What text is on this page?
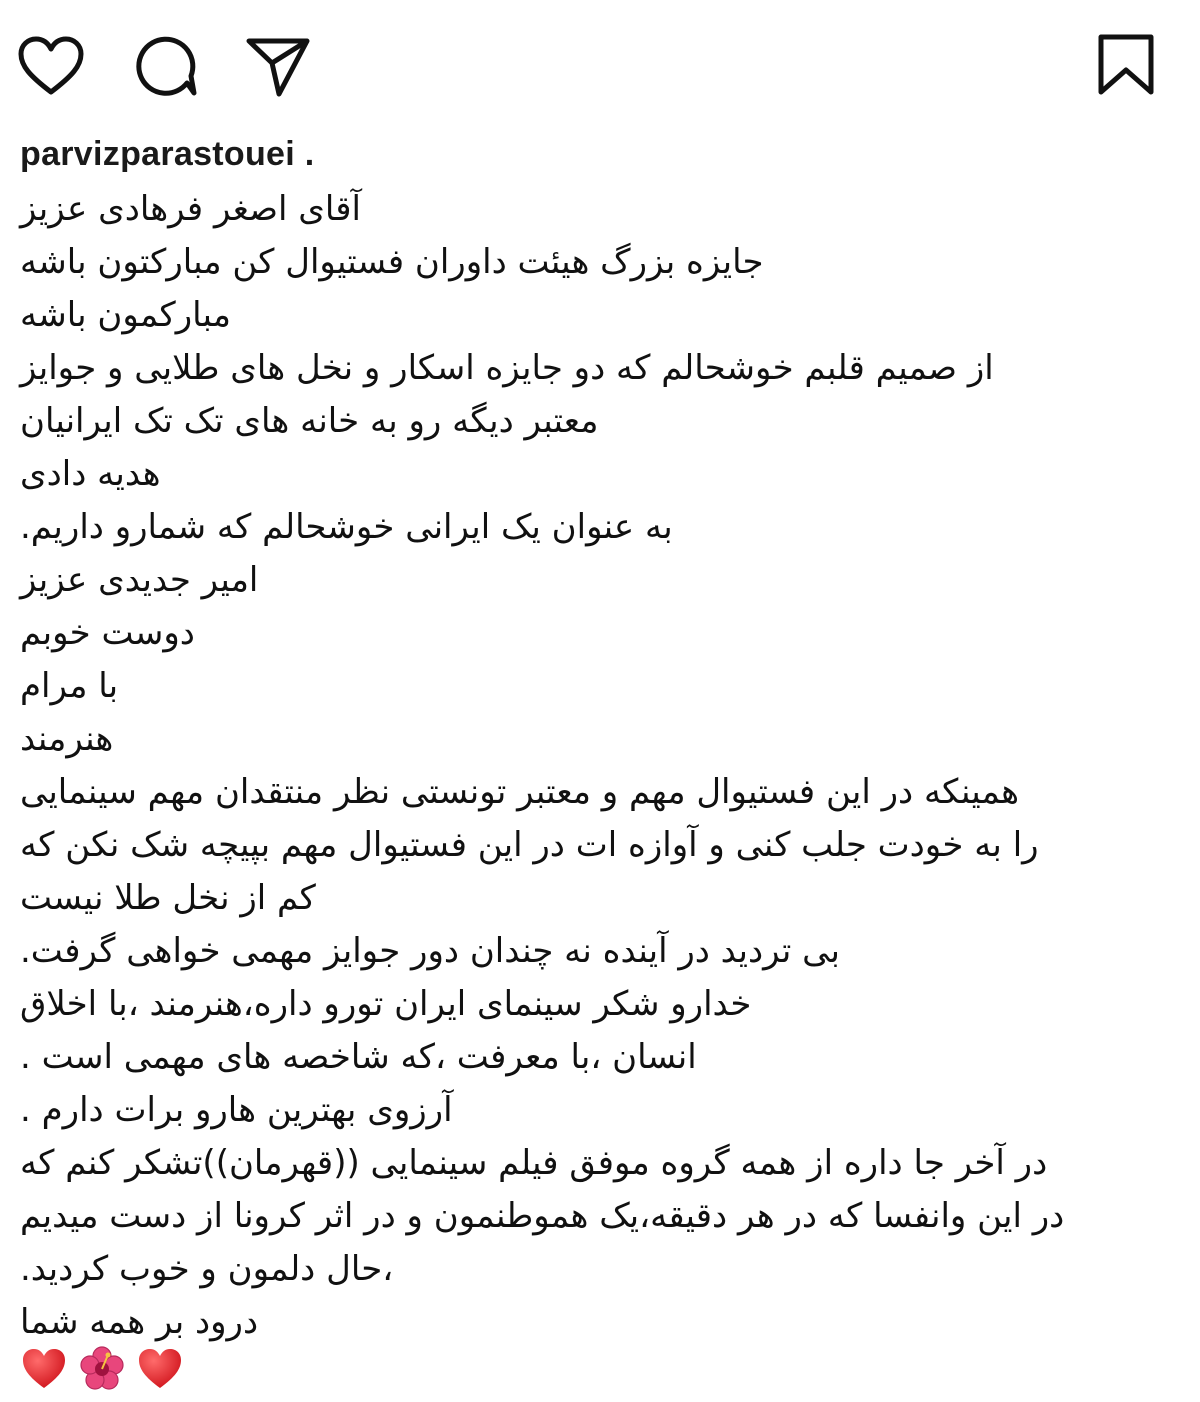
parvizparastouei .
آقای اصغر فرهادی عزیز
جایزه بزرگ هیئت داوران فستیوال کن مبارکتون باشه
مبارکمون باشه
از صمیم قلبم خوشحالم که دو جایزه اسکار و نخل های طلایی و جوایز
معتبر دیگه رو به خانه های تک تک ایرانیان
هدیه دادی
به عنوان یک ایرانی خوشحالم که شمارو داریم.
امیر جدیدی عزیز
دوست خوبم
با مرام
هنرمند
همینکه در این فستیوال مهم و معتبر تونستی نظر منتقدان مهم سینمایی
را به خودت جلب کنی و آوازه ات در این فستیوال مهم بپیچه شک نکن که
کم از نخل طلا نیست
بی تردید در آینده نه چندان دور جوایز مهمی خواهی گرفت.
خدارو شکر سینمای ایران تورو داره،هنرمند ،با اخلاق
انسان ،با معرفت ،که شاخصه های مهمی است .
آرزوی بهترین هارو برات دارم .
در آخر جا داره از همه گروه موفق فیلم سینمایی ((قهرمان))تشکر کنم که
در این وانفسا که در هر دقیقه،یک هموطنمون و در اثر کرونا از دست میدیم
،حال دلمون و خوب کردید.
درود بر همه شما
